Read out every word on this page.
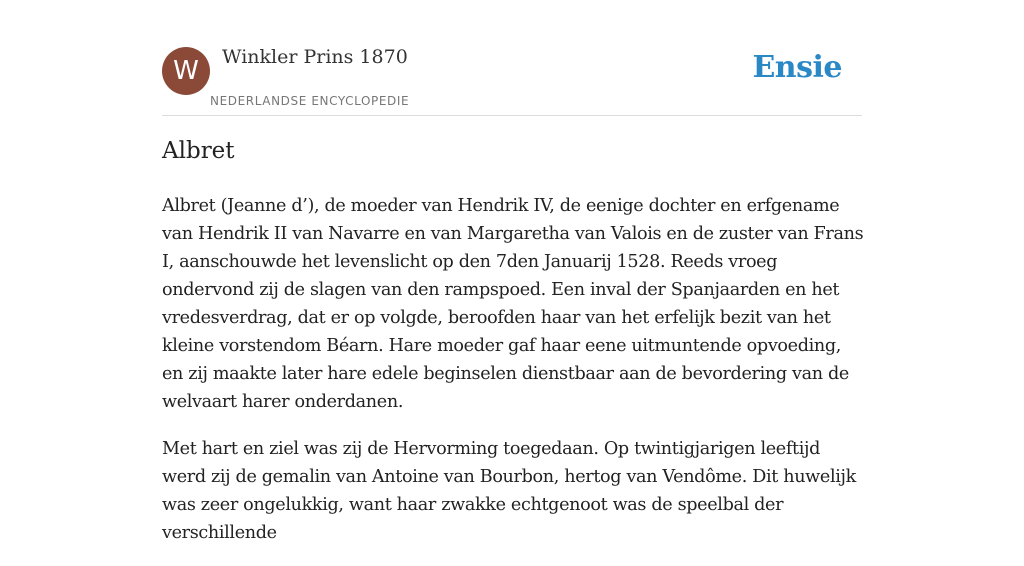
W	Winkler Prins 1870
NEDERLANDSE ENCYCLOPEDIE
Ensie
Albret

Albret (Jeanne d’), de moeder van Hendrik IV, de eenige dochter en erfgename van Hendrik II van Navarre en van Margaretha van Valois en de zuster van Frans I, aanschouwde het levenslicht op den 7den Januarij 1528. Reeds vroeg ondervond zij de slagen van den rampspoed. Een inval der Spanjaarden en het vredesverdrag, dat er op volgde, beroofden haar van het erfelijk bezit van het kleine vorstendom Béarn. Hare moeder gaf haar eene uitmuntende opvoeding, en zij maakte later hare edele beginselen dienstbaar aan de bevordering van de welvaart harer onderdanen.

Met hart en ziel was zij de Hervorming toegedaan. Op twintigjarigen leeftijd werd zij de gemalin van Antoine van Bourbon, hertog van Vendôme. Dit huwelijk was zeer ongelukkig, want haar zwakke echtgenoot was de speelbal der verschillende
